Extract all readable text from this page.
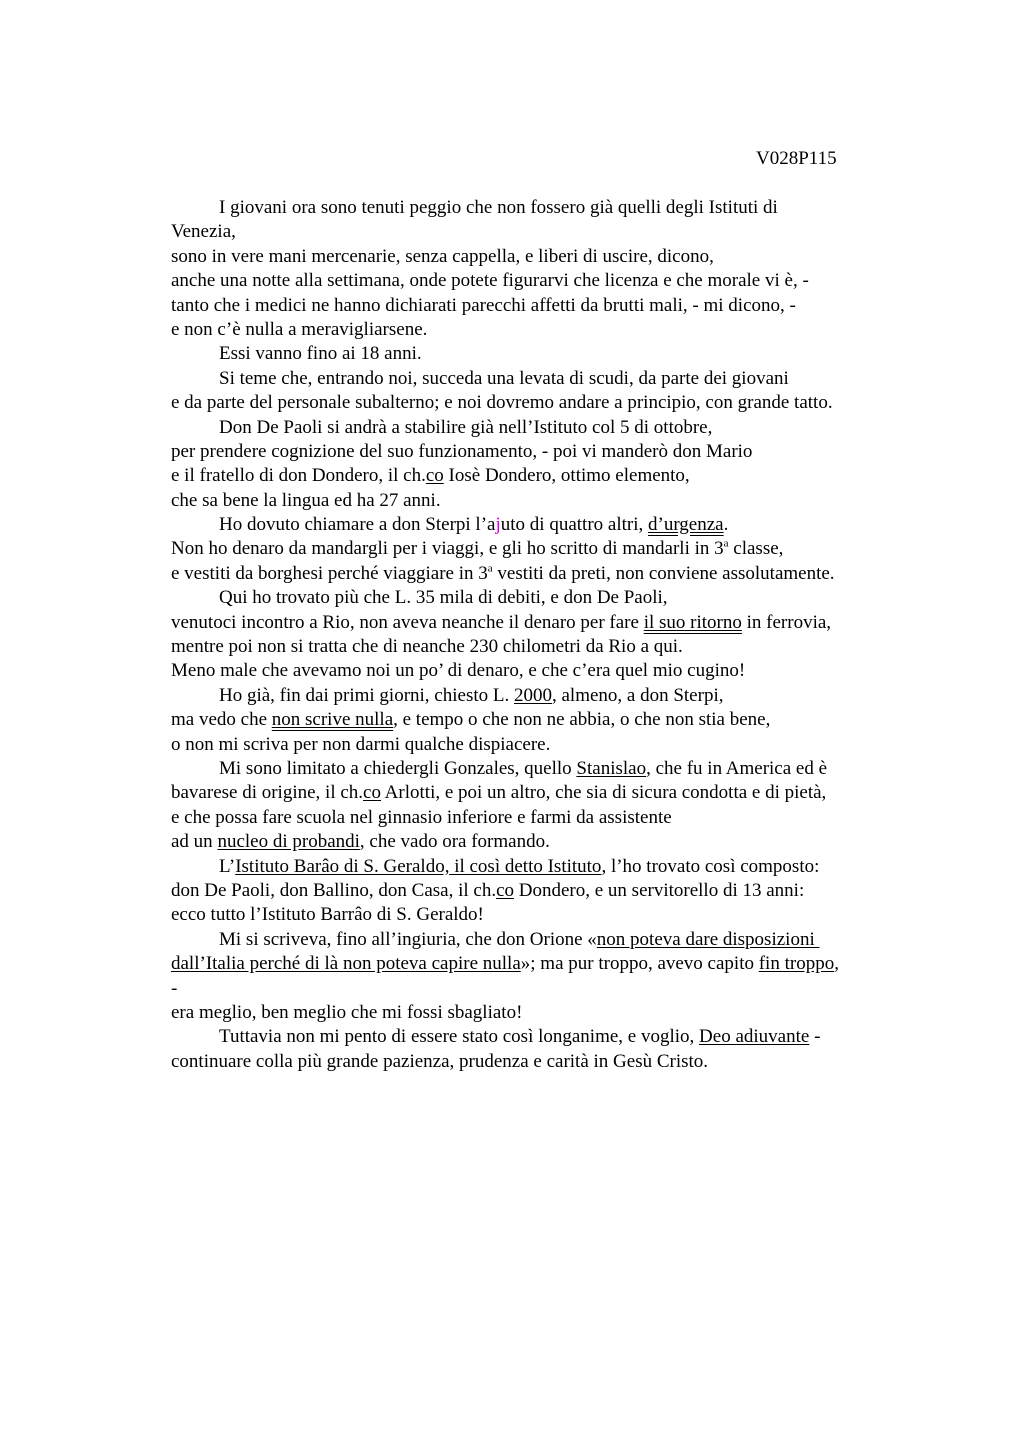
V028P115
I giovani ora sono tenuti peggio che non fossero già quelli degli Istituti di
Venezia,
sono in vere mani mercenarie, senza cappella, e liberi di uscire, dicono,
anche una notte alla settimana, onde potete figurarvi che licenza e che morale vi è, -
tanto che i medici ne hanno dichiarati parecchi affetti da brutti mali, - mi dicono, -
e non c’è nulla a meravigliarsene.
Essi vanno fino ai 18 anni.
Si teme che, entrando noi, succeda una levata di scudi, da parte dei giovani
e da parte del personale subalterno; e noi dovremo andare a principio, con grande tatto.
Don De Paoli si andrà a stabilire già nell’Istituto col 5 di ottobre,
per prendere cognizione del suo funzionamento, - poi vi manderò don Mario
e il fratello di don Dondero, il ch.co Iosè Dondero, ottimo elemento,
che sa bene la lingua ed ha 27 anni.
Ho dovuto chiamare a don Sterpi l’ajuto di quattro altri, d’urgenza.
Non ho denaro da mandargli per i viaggi, e gli ho scritto di mandarli in 3$^a$ classe,
e vestiti da borghesi perché viaggiare in 3$^a$ vestiti da preti, non conviene assolutamente.
Qui ho trovato più che L. 35 mila di debiti, e don De Paoli,
venutoci incontro a Rio, non aveva neanche il denaro per fare il suo ritorno in ferrovia,
mentre poi non si tratta che di neanche 230 chilometri da Rio a qui.
Meno male che avevamo noi un po’ di denaro, e che c’era quel mio cugino!
Ho già, fin dai primi giorni, chiesto L. 2000, almeno, a don Sterpi,
ma vedo che non scrive nulla, e tempo o che non ne abbia, o che non stia bene,
o non mi scriva per non darmi qualche dispiacere.
Mi sono limitato a chiedergli Gonzales, quello Stanislao, che fu in America ed è
bavarese di origine, il ch.co Arlotti, e poi un altro, che sia di sicura condotta e di pietà,
e che possa fare scuola nel ginnasio inferiore e farmi da assistente
ad un nucleo di probandi, che vado ora formando.
L’Istituto Barâo di S. Geraldo, il così detto Istituto, l’ho trovato così composto:
don De Paoli, don Ballino, don Casa, il ch.co Dondero, e un servitorello di 13 anni:
ecco tutto l’Istituto Barrâo di S. Geraldo!
Mi si scriveva, fino all’ingiuria, che don Orione «non poteva dare disposizioni
dall’Italia perché di là non poteva capire nulla»; ma pur troppo, avevo capito fin troppo,
-
era meglio, ben meglio che mi fossi sbagliato!
Tuttavia non mi pento di essere stato così longanime, e voglio, Deo adiuvante -
continuare colla più grande pazienza, prudenza e carità in Gesù Cristo.
